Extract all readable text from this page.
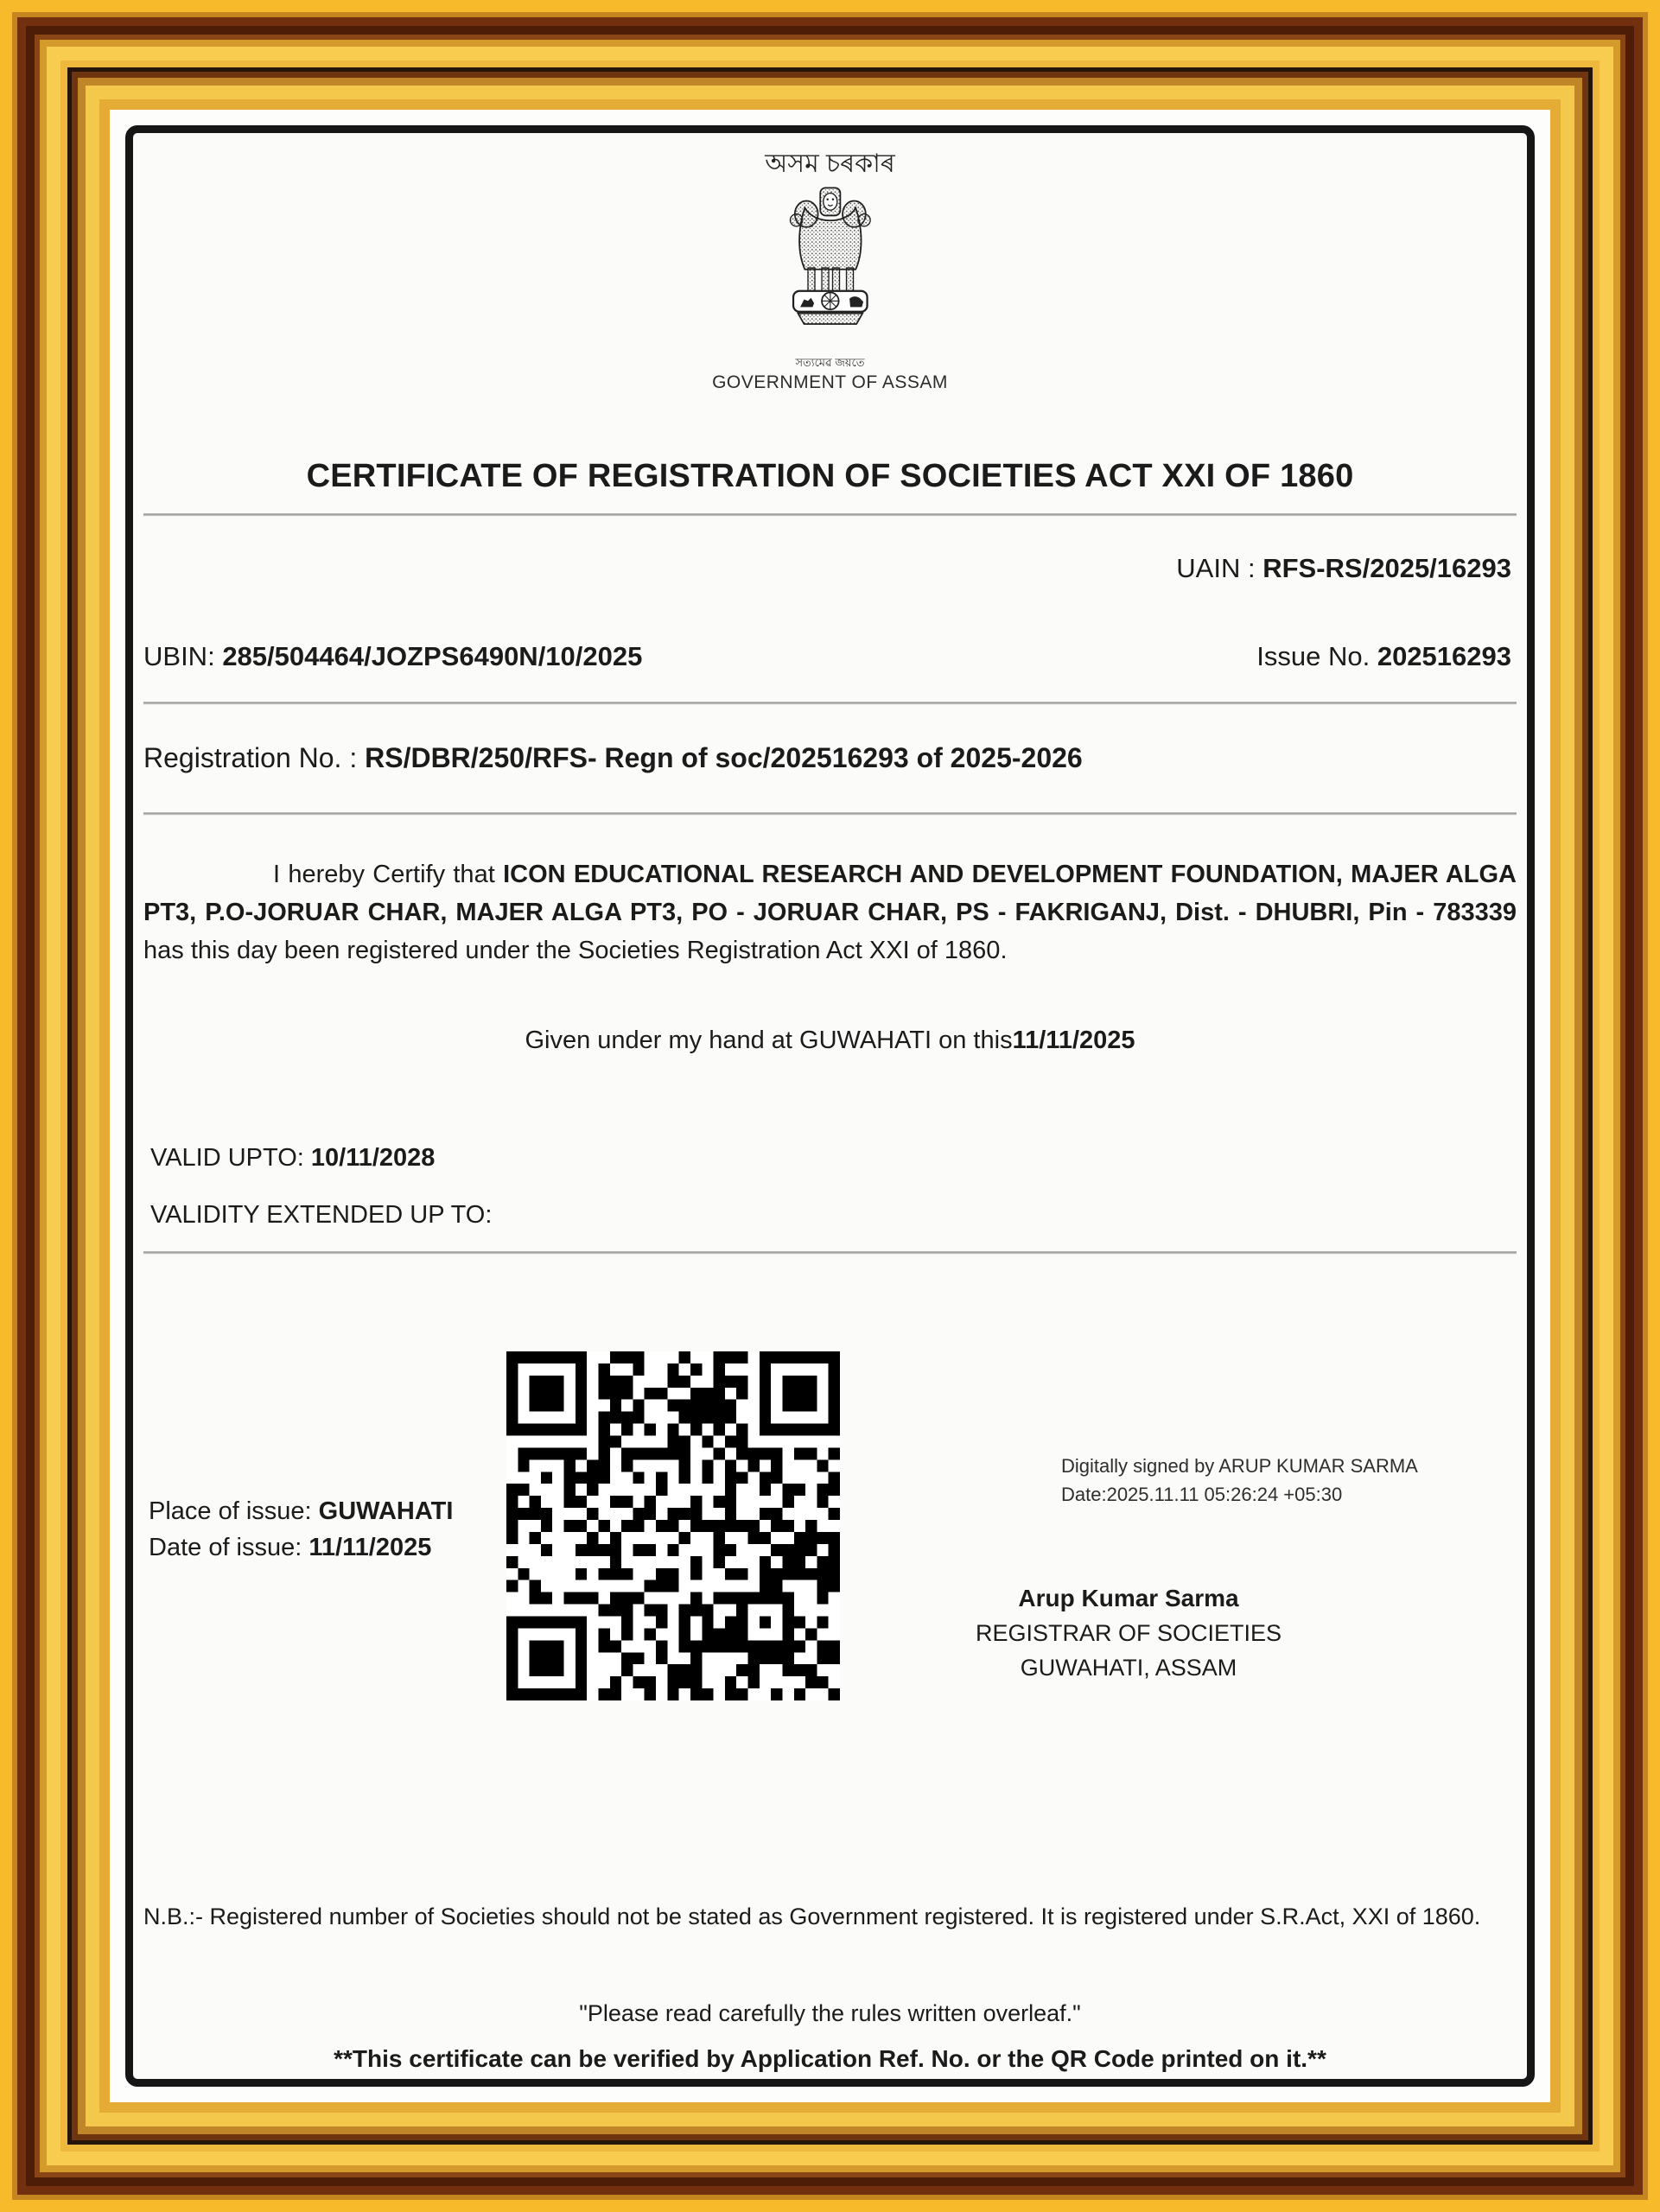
অসম চৰকাৰ
সত্যমেৱ জয়তে
GOVERNMENT OF ASSAM
CERTIFICATE OF REGISTRATION OF SOCIETIES ACT XXI OF 1860
UAIN : RFS-RS/2025/16293
UBIN: 285/504464/JOZPS6490N/10/2025	Issue No. 202516293
Registration No. : RS/DBR/250/RFS- Regn of soc/202516293 of 2025-2026
I hereby Certify that ICON EDUCATIONAL RESEARCH AND DEVELOPMENT FOUNDATION, MAJER ALGA PT3, P.O-JORUAR CHAR, MAJER ALGA PT3, PO - JORUAR CHAR, PS - FAKRIGANJ, Dist. - DHUBRI, Pin - 783339 has this day been registered under the Societies Registration Act XXI of 1860.
Given under my hand at GUWAHATI on this11/11/2025
VALID UPTO: 10/11/2028
VALIDITY EXTENDED UP TO:
Digitally signed by ARUP KUMAR SARMA
Date:2025.11.11 05:26:24 +05:30
Place of issue: GUWAHATI
Date of issue: 11/11/2025
Arup Kumar Sarma
REGISTRAR OF SOCIETIES
GUWAHATI, ASSAM
N.B.:- Registered number of Societies should not be stated as Government registered. It is registered under S.R.Act, XXI of 1860.
"Please read carefully the rules written overleaf."
**This certificate can be verified by Application Ref. No. or the QR Code printed on it.**
